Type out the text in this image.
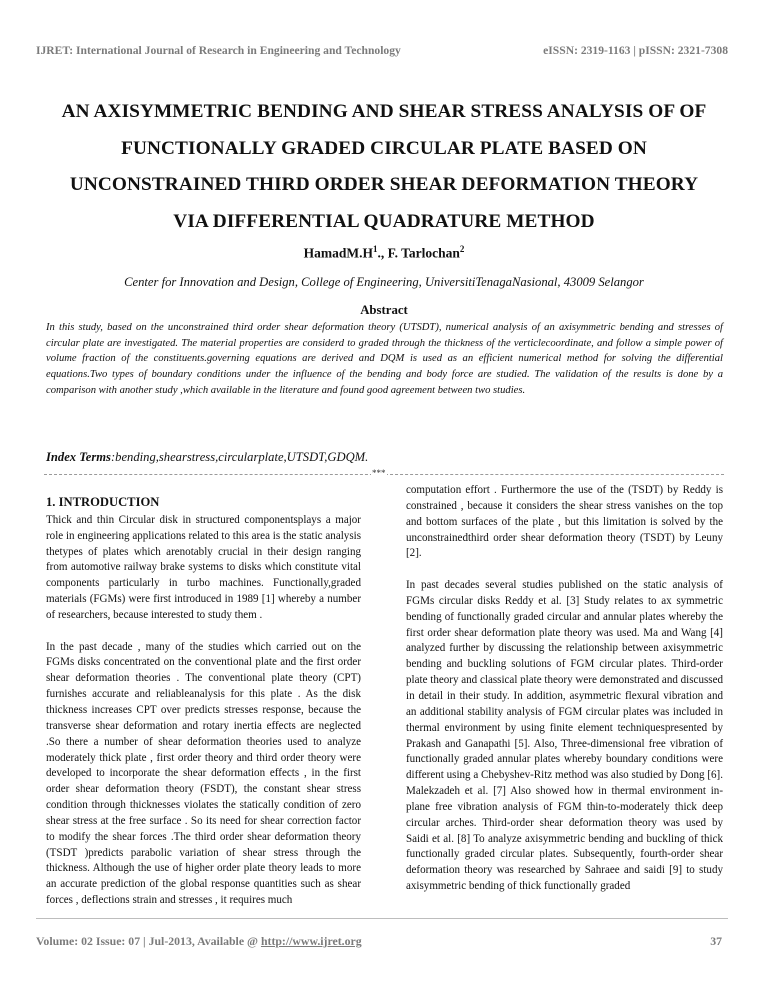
IJRET: International Journal of Research in Engineering and Technology	eISSN: 2319-1163 | pISSN: 2321-7308
AN AXISYMMETRIC BENDING AND SHEAR STRESS ANALYSIS OF OF
FUNCTIONALLY GRADED CIRCULAR PLATE BASED ON
UNCONSTRAINED THIRD ORDER SHEAR DEFORMATION THEORY
VIA DIFFERENTIAL QUADRATURE METHOD
$HamadM.H^1$., F. Tarlochan$^2$
Center for Innovation and Design, College of Engineering, UniversitiTenagaNasional, 43009 Selangor
Abstract
In this study, based on the unconstrained third order shear deformation theory (UTSDT), numerical analysis of an axisymmetric bending and stresses of circular plate are investigated. The material properties are considerd to graded through the thickness of the verticlecoordinate, and follow a simple power of volume fraction of the constituents.governing equations are derived and DQM is used as an efficient numerical method for solving the differential equations.Two types of boundary conditions under the influence of the bending and body force are studied. The validation of the results is done by a comparison with another study ,which available in the literature and found good agreement between two studies.
Index Terms:bending,shearstress,circularplate,UTSDT,GDQM.
***
1. INTRODUCTION

Thick and thin Circular disk in structured componentsplays a major role in engineering applications related to this area is the static analysis thetypes of plates which arenotably crucial in their design ranging from automotive railway brake systems to disks which constitute vital components particularly in turbo machines. Functionally,graded materials (FGMs) were first introduced in 1989 [1] whereby a number of researchers, because interested to study them .

In the past decade , many of the studies which carried out on the FGMs disks concentrated on the conventional plate and the first order shear deformation theories . The conventional plate theory (CPT) furnishes accurate and reliableanalysis for this plate . As the disk thickness increases CPT over predicts stresses response, because the transverse shear deformation and rotary inertia effects are neglected .So there a number of shear deformation theories used to analyze moderately thick plate , first order theory and third order theory were developed to incorporate the shear deformation effects , in the first order shear deformation theory (FSDT), the constant shear stress condition through thicknesses violates the statically condition of zero shear stress at the free surface . So its need for shear correction factor to modify the shear forces .The third order shear deformation theory (TSDT )predicts parabolic variation of shear stress through the thickness. Although the use of higher order plate theory leads to more an accurate prediction of the global response quantities such as shear forces , deflections strain and stresses , it requires much

computation effort . Furthermore the use of the (TSDT) by Reddy is constrained , because it considers the shear stress vanishes on the top and bottom surfaces of the plate , but this limitation is solved by the unconstrainedthird order shear deformation theory (TSDT) by Leuny [2].

In past decades several studies published on the static analysis of FGMs circular disks Reddy et al. [3] Study relates to ax symmetric bending of functionally graded circular and annular plates whereby the first order shear deformation plate theory was used. Ma and Wang [4] analyzed further by discussing the relationship between axisymmetric bending and buckling solutions of FGM circular plates. Third-order plate theory and classical plate theory were demonstrated and discussed in detail in their study. In addition, asymmetric flexural vibration and an additional stability analysis of FGM circular plates was included in thermal environment by using finite element techniquespresented by Prakash and Ganapathi [5]. Also, Three-dimensional free vibration of functionally graded annular plates whereby boundary conditions were different using a Chebyshev-Ritz method was also studied by Dong [6]. Malekzadeh et al. [7] Also showed how in thermal environment in-plane free vibration analysis of FGM thin-to-moderately thick deep circular arches. Third-order shear deformation theory was used by Saidi et al. [8] To analyze axisymmetric bending and buckling of thick functionally graded circular plates. Subsequently, fourth-order shear deformation theory was researched by Sahraee and saidi [9] to study axisymmetric bending of thick functionally graded

Volume: 02 Issue: 07 | Jul-2013, Available @ http://www.ijret.org	37
